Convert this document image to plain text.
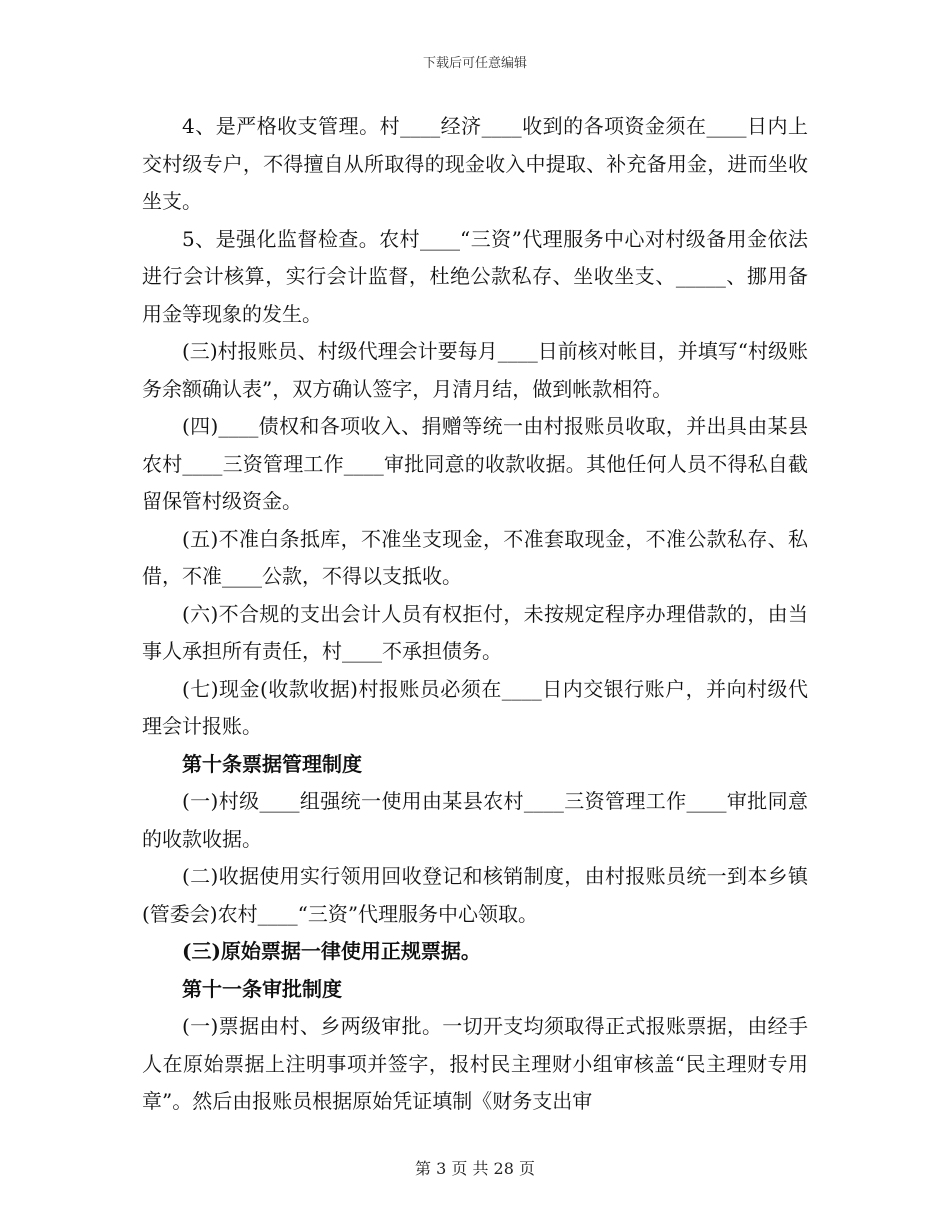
下载后可任意编辑

4、是严格收支管理。村____经济____收到的各项资金须在____日内上交村级专户，不得擅自从所取得的现金收入中提取、补充备用金，进而坐收坐支。

5、是强化监督检查。农村____“三资”代理服务中心对村级备用金依法进行会计核算，实行会计监督，杜绝公款私存、坐收坐支、_____、挪用备用金等现象的发生。

(三)村报账员、村级代理会计要每月____日前核对帐目，并填写“村级账务余额确认表”，双方确认签字，月清月结，做到帐款相符。

(四)____债权和各项收入、捐赠等统一由村报账员收取，并出具由某县农村____三资管理工作____审批同意的收款收据。其他任何人员不得私自截留保管村级资金。

(五)不准白条抵库，不准坐支现金，不准套取现金，不准公款私存、私借，不准____公款，不得以支抵收。

(六)不合规的支出会计人员有权拒付，未按规定程序办理借款的，由当事人承担所有责任，村____不承担债务。

(七)现金(收款收据)村报账员必须在____日内交银行账户，并向村级代理会计报账。

第十条票据管理制度

(一)村级____组强统一使用由某县农村____三资管理工作____审批同意的收款收据。

(二)收据使用实行领用回收登记和核销制度，由村报账员统一到本乡镇(管委会)农村____“三资”代理服务中心领取。

(三)原始票据一律使用正规票据。

第十一条审批制度

(一)票据由村、乡两级审批。一切开支均须取得正式报账票据，由经手人在原始票据上注明事项并签字，报村民主理财小组审核盖“民主理财专用章”。然后由报账员根据原始凭证填制《财务支出审

第 3 页 共 28 页
